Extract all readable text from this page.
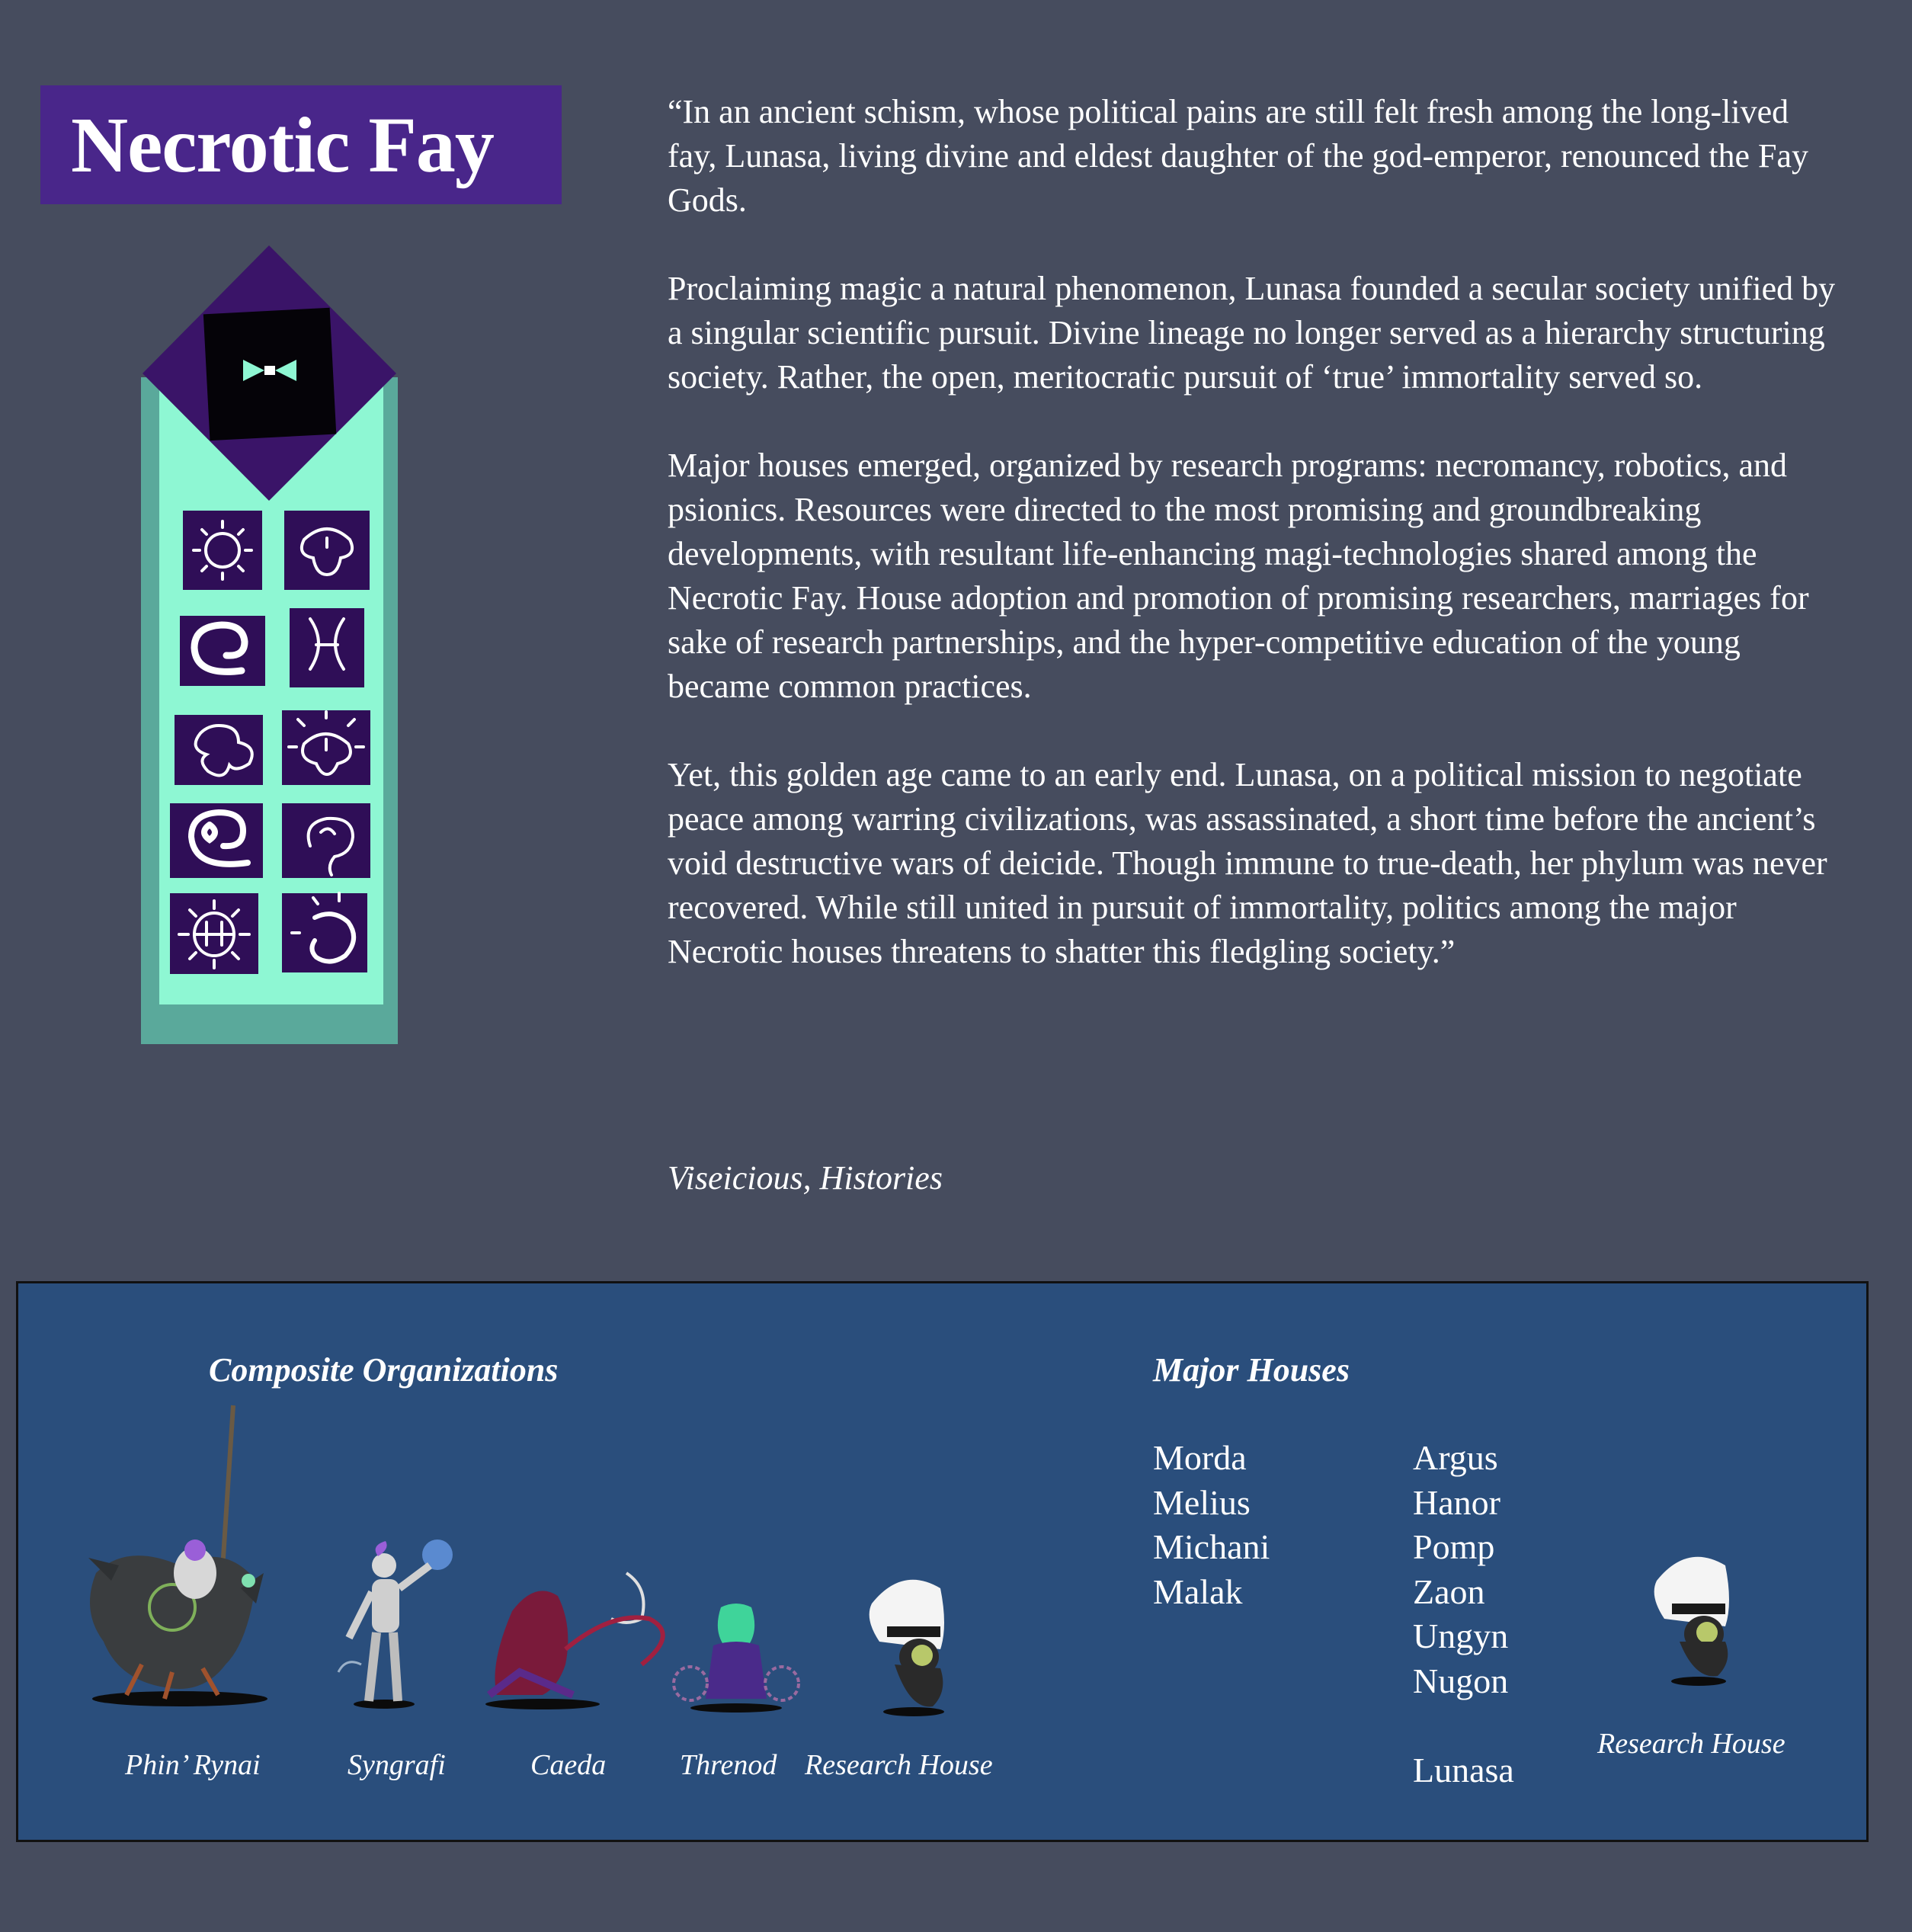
Necrotic Fay	“In an ancient schism, whose political pains are still felt fresh among the long-lived fay, Lunasa, living divine and eldest daughter of the god-emperor, renounced the Fay Gods.

Proclaiming magic a natural phenomenon, Lunasa founded a secular society unified by a singular scientific pursuit. Divine lineage no longer served as a hierarchy structuring society. Rather, the open, meritocratic pursuit of ‘true’ immortality served so.

Major houses emerged, organized by research programs: necromancy, robotics, and psionics. Resources were directed to the most promising and groundbreaking developments, with resultant life-enhancing magi-technologies shared among the Necrotic Fay. House adoption and promotion of promising researchers, marriages for sake of research partnerships, and the hyper-competitive education of the young became common practices.

Yet, this golden age came to an early end. Lunasa, on a political mission to negotiate peace among warring civilizations, was assassinated, a short time before the ancient’s void destructive wars of deicide. Though immune to true-death, her phylum was never recovered. While still united in pursuit of immortality, politics among the major Necrotic houses threatens to shatter this fledgling society.”

Viseicious, Histories
Composite Organizations	Major Houses
Phin’ Rynai	Syngrafi	Caeda	Threnod Research House
Morda
Melius
Michani
Malak
Argus
Hanor
Pomp
Zaon
Ungyn
Nugon
Lunasa
Research House
